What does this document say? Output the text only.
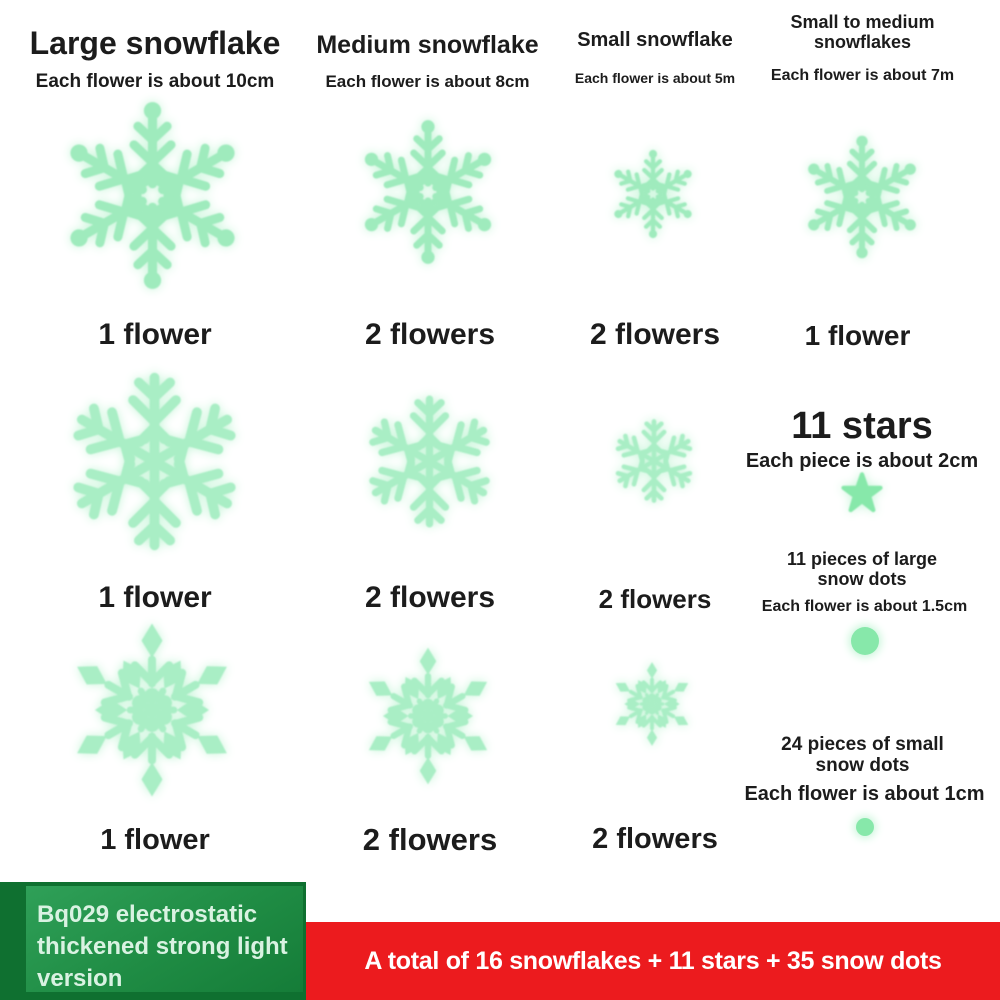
Large snowflake
Each flower is about 10cm
Medium snowflake
Each flower is about 8cm
Small snowflake
Each flower is about 5m
Small to medium snowflakes
Each flower is about 7m
1 flower	2 flowers	2 flowers	1 flower
11 stars
Each piece is about 2cm
1 flower	2 flowers	2 flowers
11 pieces of large snow dots
Each flower is about 1.5cm
24 pieces of small snow dots
Each flower is about 1cm
1 flower	2 flowers	2 flowers
Bq029 electrostatic thickened strong light version
A total of 16 snowflakes + 11 stars + 35 snow dots
